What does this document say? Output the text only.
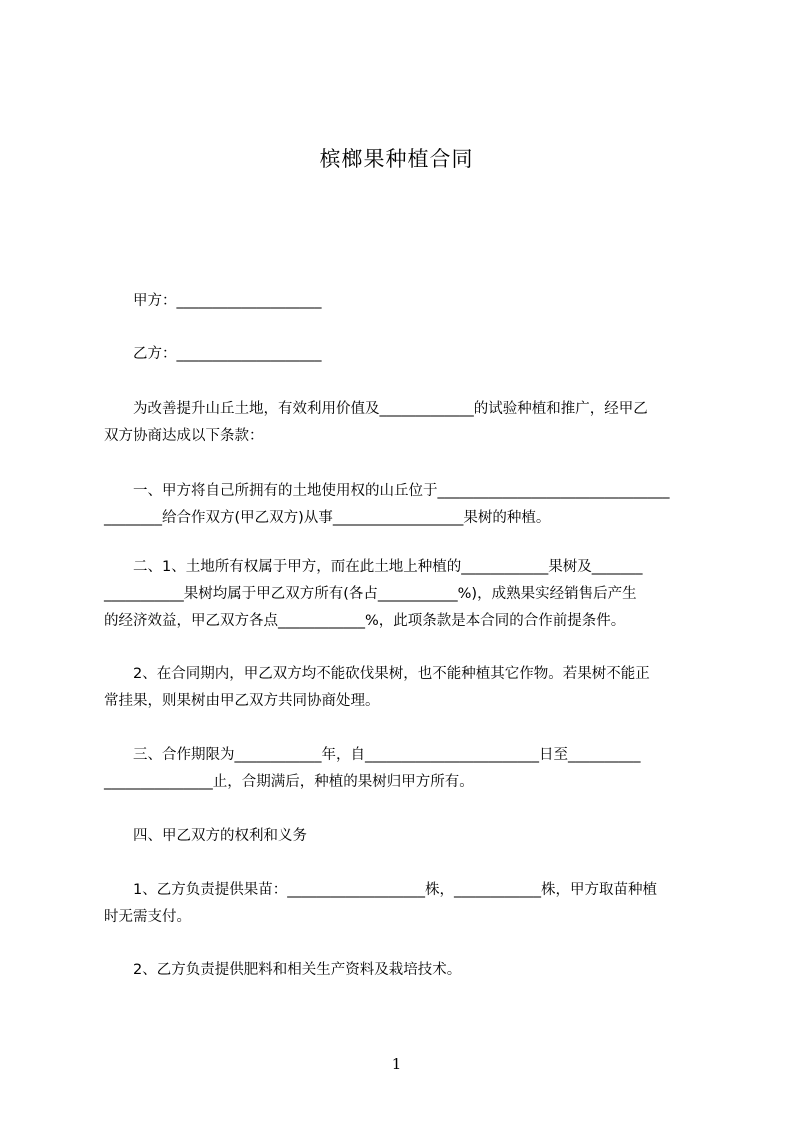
槟榔果种植合同
　　甲方：____________________
　　乙方：____________________
　　为改善提升山丘土地，有效利用价值及_____________的试验种植和推广，经甲乙
双方协商达成以下条款：
　　一、甲方将自己所拥有的土地使用权的山丘位于________________________________
________给合作双方(甲乙双方)从事__________________果树的种植。
　　二、1、土地所有权属于甲方，而在此土地上种植的____________果树及_______
___________果树均属于甲乙双方所有(各占___________%)，成熟果实经销售后产生
的经济效益，甲乙双方各点____________%，此项条款是本合同的合作前提条件。
　　2、在合同期内，甲乙双方均不能砍伐果树，也不能种植其它作物。若果树不能正
常挂果，则果树由甲乙双方共同协商处理。
　　三、合作期限为____________年，自________________________日至__________
_______________止，合期满后，种植的果树归甲方所有。
　　四、甲乙双方的权利和义务
　　1、乙方负责提供果苗：___________________株，____________株，甲方取苗种植
时无需支付。
　　2、乙方负责提供肥料和相关生产资料及栽培技术。
1
